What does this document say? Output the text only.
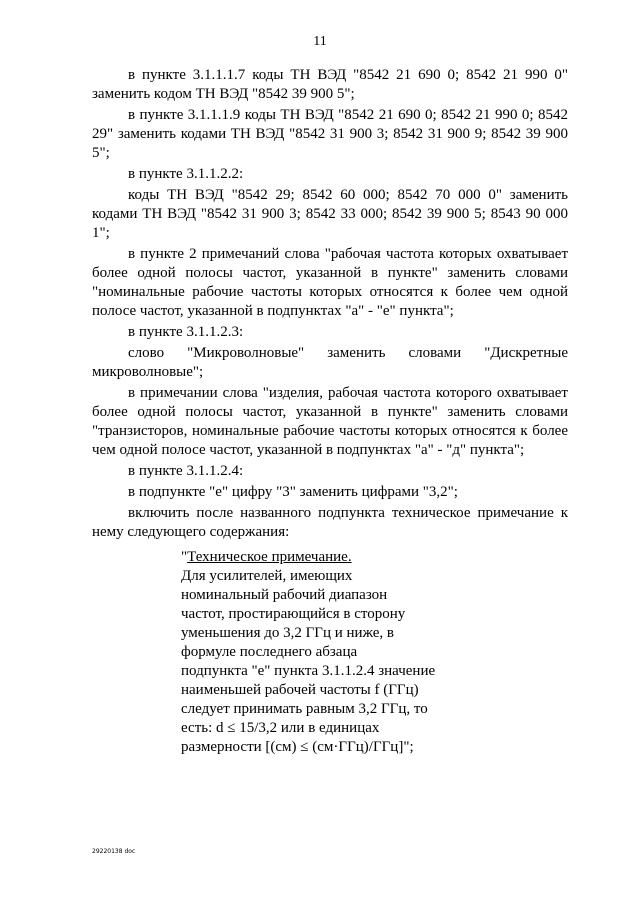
11

в пункте 3.1.1.1.7 коды ТН ВЭД "8542 21 690 0; 8542 21 990 0" заменить кодом ТН ВЭД "8542 39 900 5";

в пункте 3.1.1.1.9 коды ТН ВЭД "8542 21 690 0; 8542 21 990 0; 8542 29" заменить кодами ТН ВЭД "8542 31 900 3; 8542 31 900 9; 8542 39 900 5";

в пункте 3.1.1.2.2:

коды ТН ВЭД "8542 29; 8542 60 000; 8542 70 000 0" заменить кодами ТН ВЭД "8542 31 900 3; 8542 33 000; 8542 39 900 5; 8543 90 000 1";

в пункте 2 примечаний слова "рабочая частота которых охватывает более одной полосы частот, указанной в пункте" заменить словами "номинальные рабочие частоты которых относятся к более чем одной полосе частот, указанной в подпунктах "а" - "е" пункта";

в пункте 3.1.1.2.3:

слово "Микроволновые" заменить словами "Дискретные микроволновые";

в примечании слова "изделия, рабочая частота которого охватывает более одной полосы частот, указанной в пункте" заменить словами "транзисторов, номинальные рабочие частоты которых относятся к более чем одной полосе частот, указанной в подпунктах "а" - "д" пункта";

в пункте 3.1.1.2.4:

в подпункте "е" цифру "3" заменить цифрами "3,2";

включить после названного подпункта техническое примечание к нему следующего содержания:

"Техническое примечание.

Для усилителей, имеющих

номинальный рабочий диапазон

частот, простирающийся в сторону

уменьшения до 3,2 ГГц и ниже, в

формуле последнего абзаца

подпункта "е" пункта 3.1.1.2.4 значение

наименьшей рабочей частоты f (ГГц)

следует принимать равным 3,2 ГГц, то

есть: d ≤ 15/3,2 или в единицах

размерности [(см) ≤ (см·ГГц)/ГГц]";

29220138 doc
